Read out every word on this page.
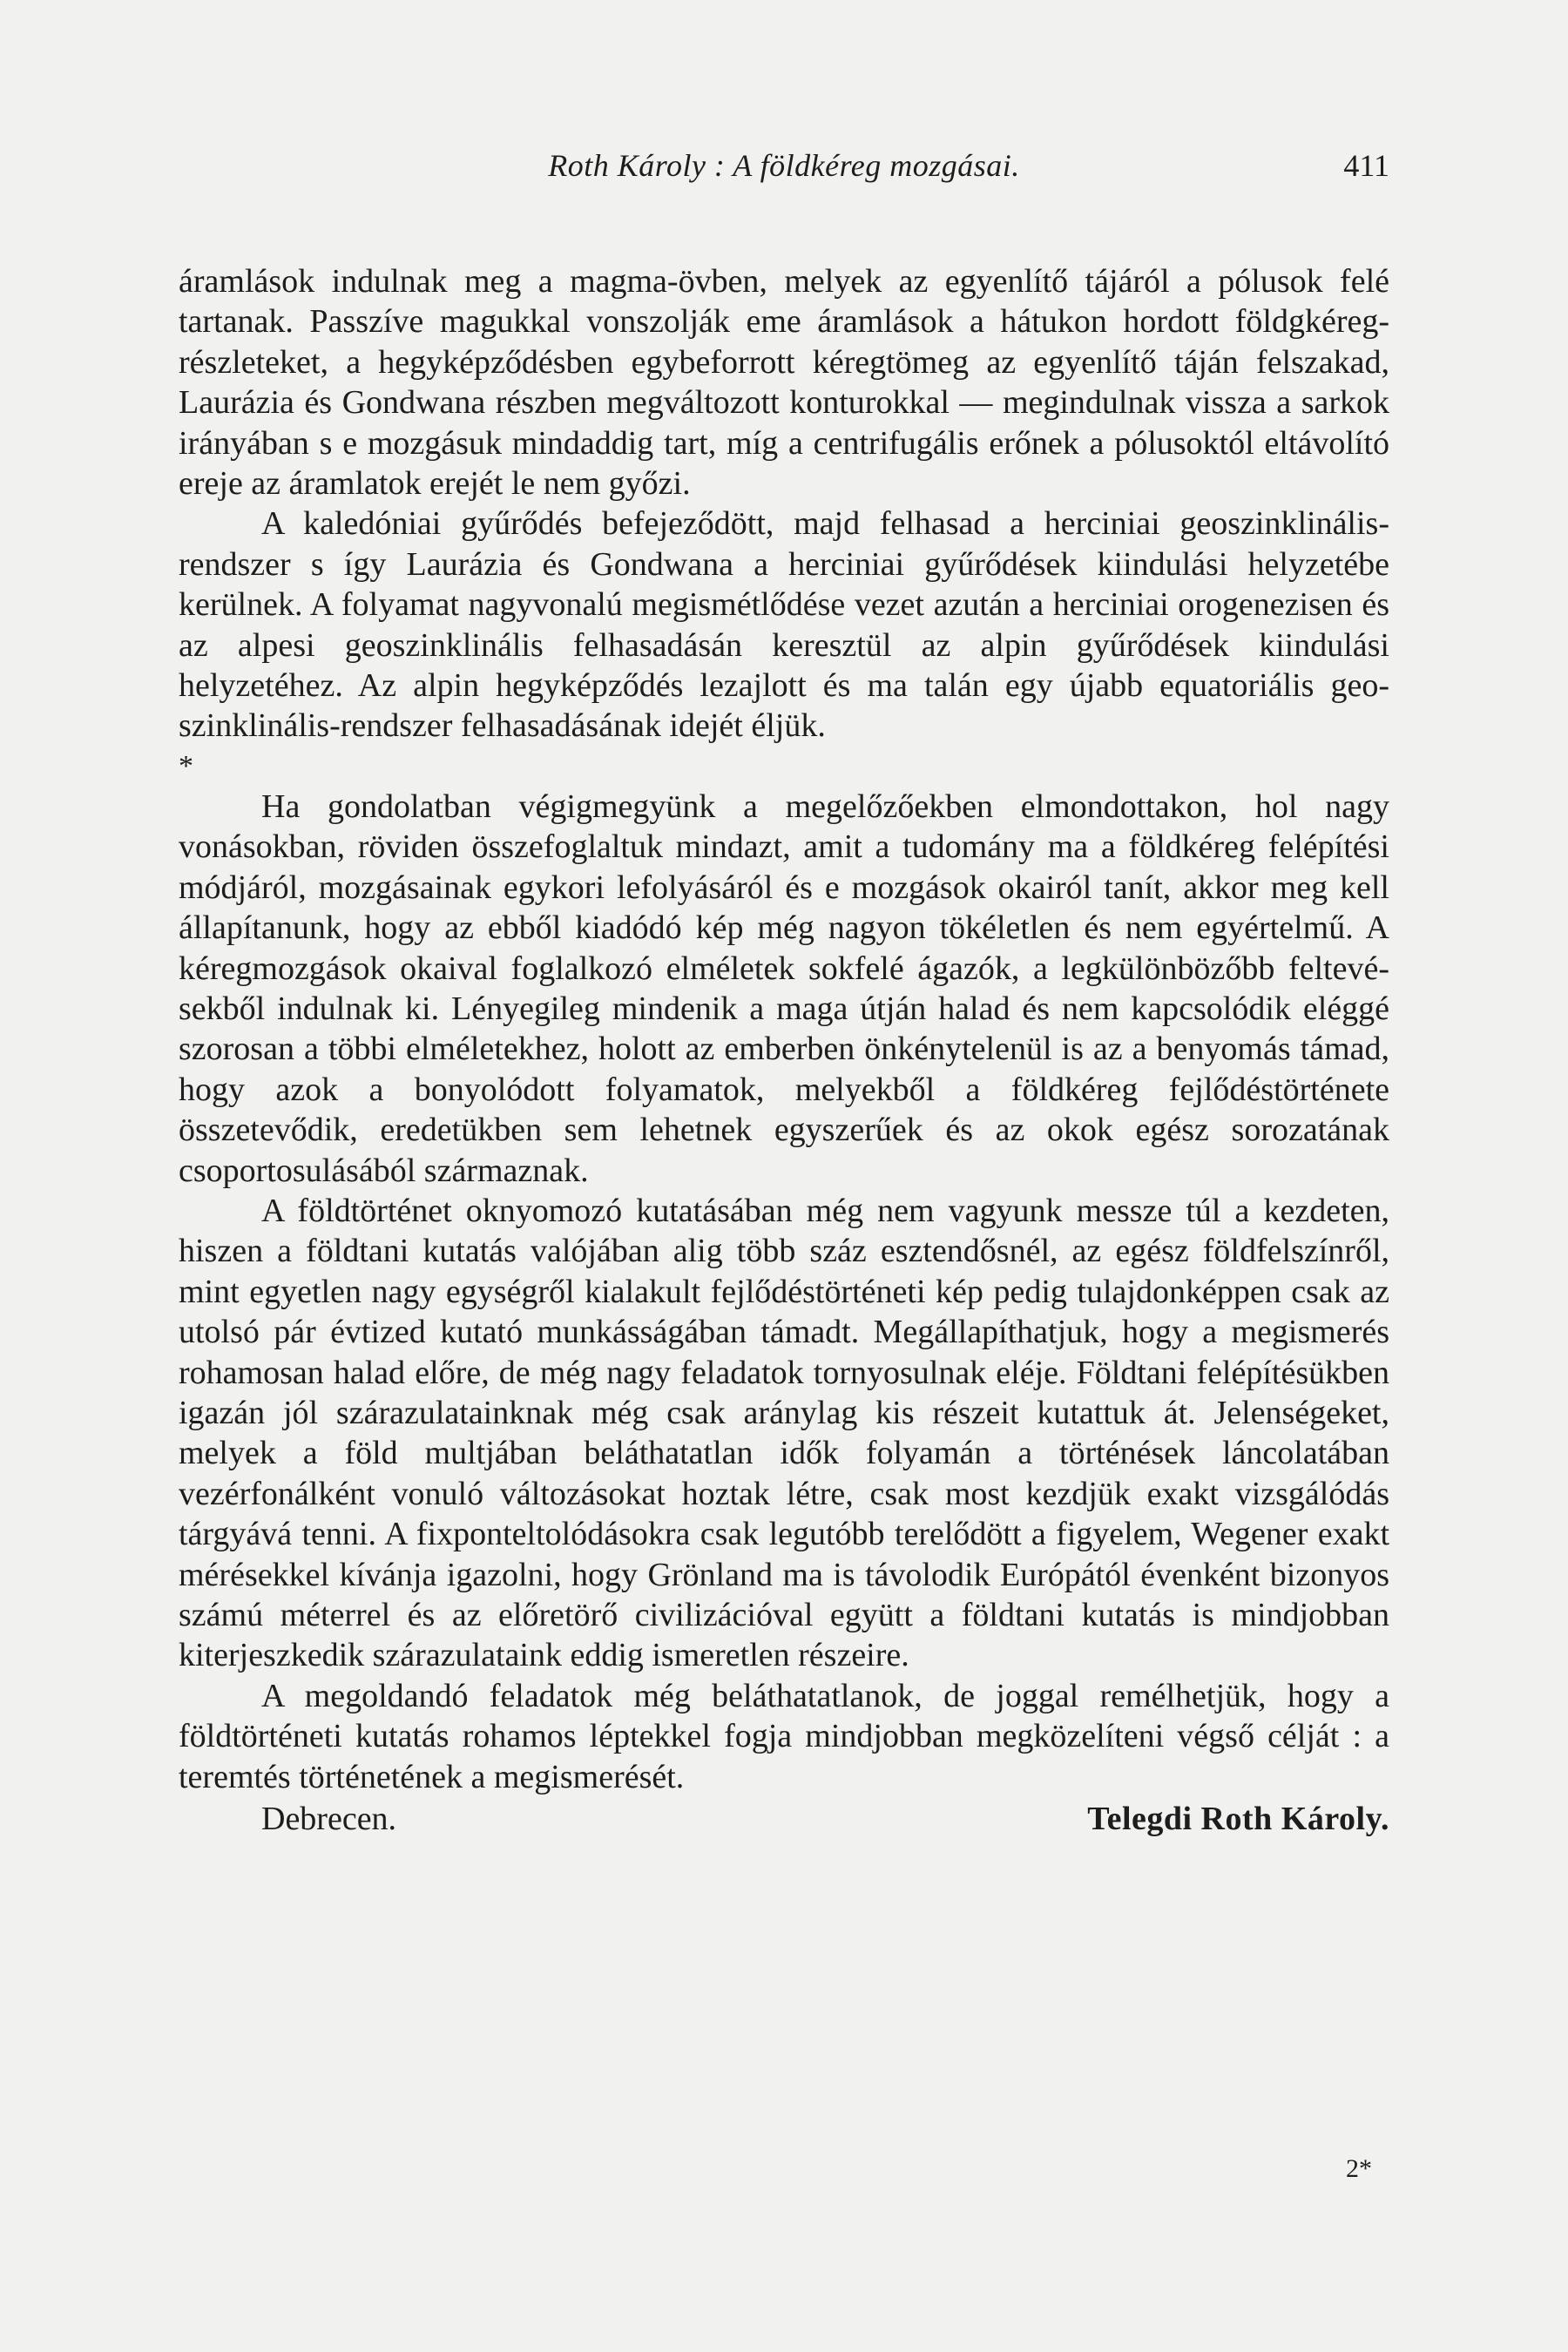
Roth Károly : A földkéreg mozgásai.	411

áramlások indulnak meg a magma-övben, melyek az egyenlítő tájáról a pólusok felé tartanak. Passzíve magukkal vonszolják eme áramlások a hátukon hordott földgkéreg-részleteket, a hegyképződésben egybeforrott kéregtömeg az egyenlítő táján felszakad, Laurázia és Gondwana részben megváltozott konturokkal — megindulnak vissza a sarkok irányában s e mozgásuk mindaddig tart, míg a centrifugális erőnek a pólusoktól eltávolító ereje az áramlatok erejét le nem győzi.

A kaledóniai gyűrődés befejeződött, majd felhasad a herciniai geoszinklinális-rendszer s így Laurázia és Gondwana a herciniai gyűrődések kiindulási helyzetébe kerülnek. A folyamat nagyvonalú megismétlődése vezet azután a herciniai orogenezisen és az alpesi geoszinklinális felhasadásán keresztül az alpin gyűrődések kiindulási helyzetéhez. Az alpin hegyképződés lezajlott és ma talán egy újabb equatoriális geoszinklinális-rendszer felhasadásának idejét éljük.

*

Ha gondolatban végigmegyünk a megelőzőekben elmondottakon, hol nagy vonásokban, röviden összefoglaltuk mindazt, amit a tudomány ma a földkéreg felépítési módjáról, mozgásainak egykori lefolyásáról és e mozgások okairól tanít, akkor meg kell állapítanunk, hogy az ebből kiadódó kép még nagyon tökéletlen és nem egyértelmű. A kéregmozgások okaival foglalkozó elméletek sokfelé ágazók, a legkülönbözőbb feltevésekből indulnak ki. Lényegileg mindenik a maga útján halad és nem kapcsolódik eléggé szorosan a többi elméletekhez, holott az emberben önkénytelenül is az a benyomás támad, hogy azok a bonyolódott folyamatok, melyekből a földkéreg fejlődéstörténete összetevődik, eredetükben sem lehetnek egyszerűek és az okok egész sorozatának csoportosulásából származnak.

A földtörténet oknyomozó kutatásában még nem vagyunk messze túl a kezdeten, hiszen a földtani kutatás valójában alig több száz esztendősnél, az egész földfelszínről, mint egyetlen nagy egységről kialakult fejlődéstörténeti kép pedig tulajdonképpen csak az utolsó pár évtized kutató munkásságában támadt. Megállapíthatjuk, hogy a megismerés rohamosan halad előre, de még nagy feladatok tornyosulnak eléje. Földtani felépítésükben igazán jól szárazulatainknak még csak aránylag kis részeit kutattuk át. Jelenségeket, melyek a föld multjában beláthatatlan idők folyamán a történések láncolatában vezérfonálként vonuló változásokat hoztak létre, csak most kezdjük exakt vizsgálódás tárgyává tenni. A fixponteltolódásokra csak legutóbb terelődött a figyelem, Wegener exakt mérésekkel kívánja igazolni, hogy Grönland ma is távolodik Európától évenként bizonyos számú méterrel és az előretörő civilizációval együtt a földtani kutatás is mindjobban kiterjeszkedik szárazulataink eddig ismeretlen részeire.

A megoldandó feladatok még beláthatatlanok, de joggal remélhetjük, hogy a földtörténeti kutatás rohamos léptekkel fogja mindjobban megközelíteni végső célját : a teremtés történetének a megismerését.

Debrecen.	Telegdi Roth Károly.
2*
